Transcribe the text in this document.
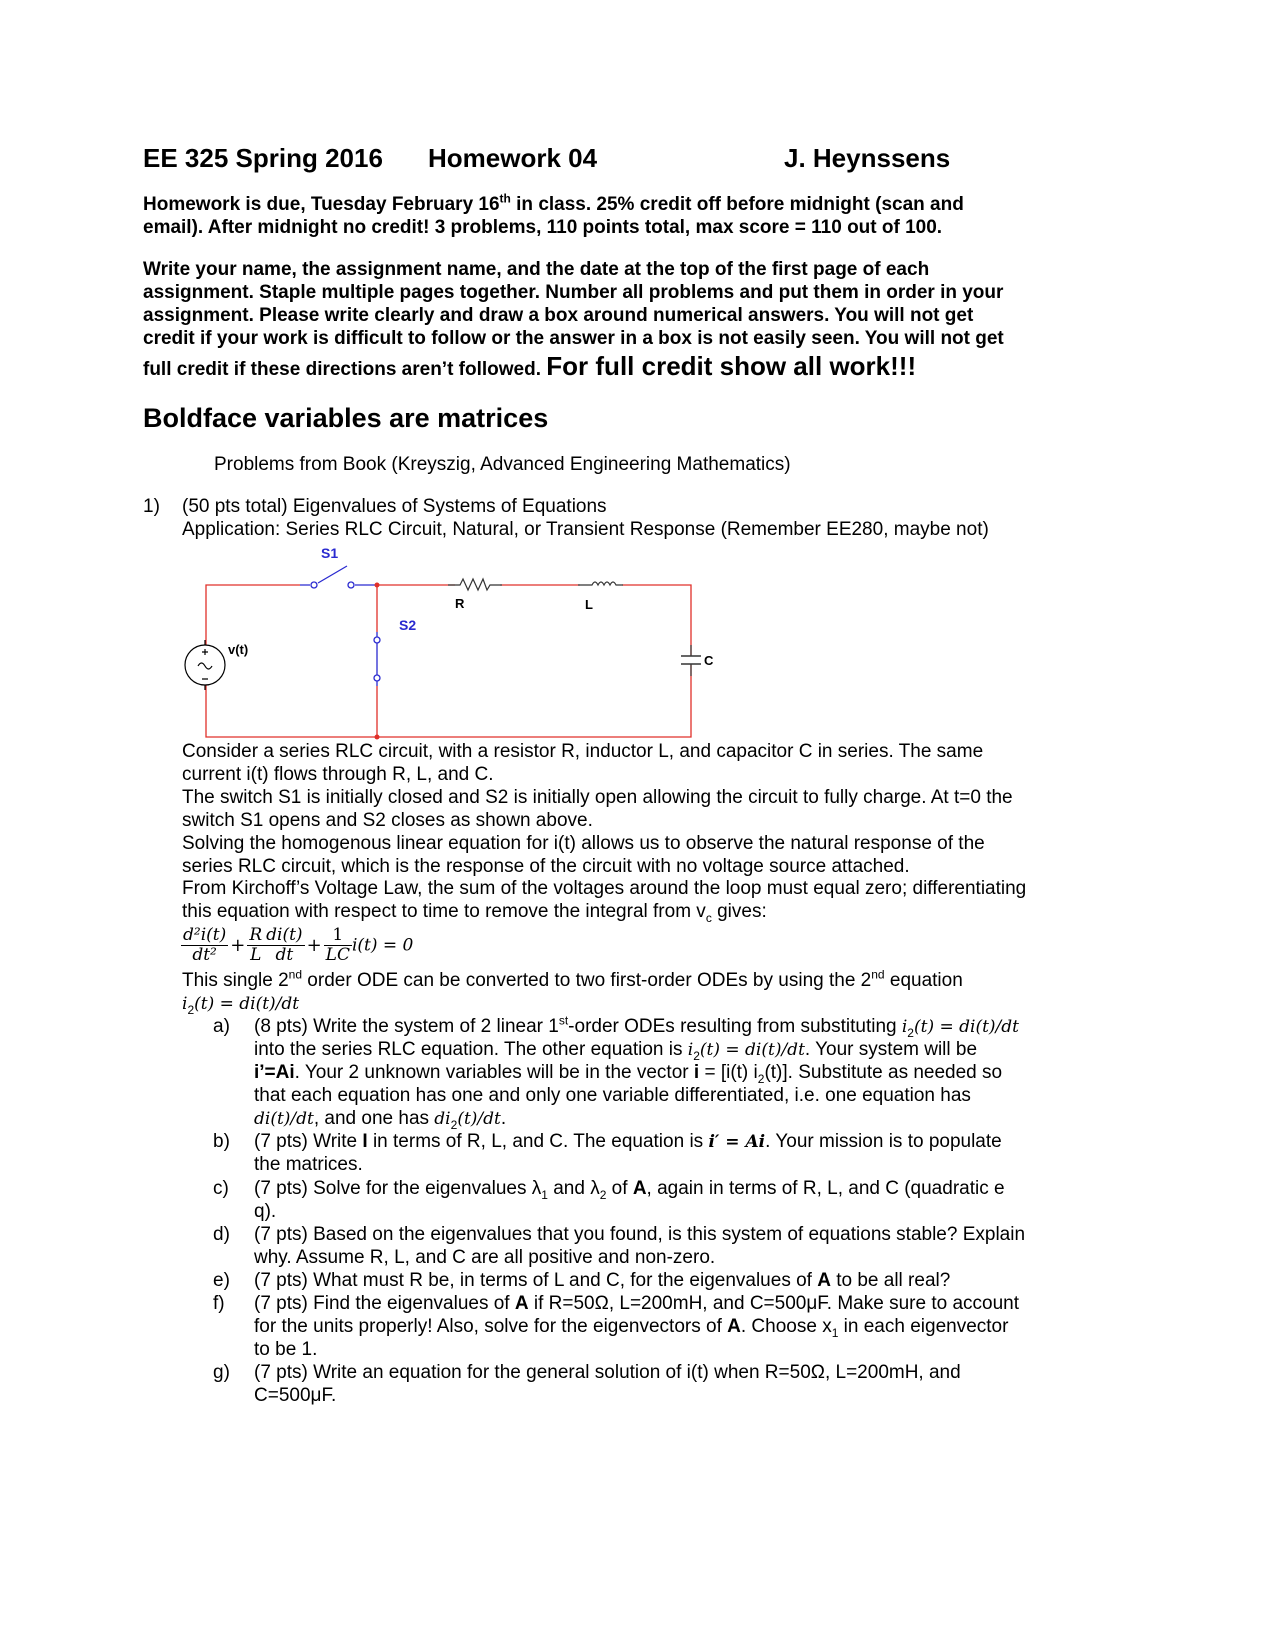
EE 325 Spring 2016 Homework 04	J. Heynssens
Homework is due, Tuesday February 16th in class. 25% credit off before midnight (scan and
email). After midnight no credit! 3 problems, 110 points total, max score = 110 out of 100.
Write your name, the assignment name, and the date at the top of the first page of each
assignment. Staple multiple pages together. Number all problems and put them in order in your
assignment. Please write clearly and draw a box around numerical answers. You will not get
credit if your work is difficult to follow or the answer in a box is not easily seen. You will not get
full credit if these directions aren’t followed. For full credit show all work!!!
Boldface variables are matrices
Problems from Book (Kreyszig, Advanced Engineering Mathematics)
1) (50 pts total) Eigenvalues of Systems of Equations
Application: Series RLC Circuit, Natural, or Transient Response (Remember EE280, maybe not)
S1
S2
R	L
C
v(t)
Consider a series RLC circuit, with a resistor R, inductor L, and capacitor C in series. The same
current i(t) flows through R, L, and C.
The switch S1 is initially closed and S2 is initially open allowing the circuit to fully charge. At t=0 the
switch S1 opens and S2 closes as shown above.
Solving the homogenous linear equation for i(t) allows us to observe the natural response of the
series RLC circuit, which is the response of the circuit with no voltage source attached.
From Kirchoff’s Voltage Law, the sum of the voltages around the loop must equal zero; differentiating
this equation with respect to time to remove the integral from $v_c$ gives:
$\frac{\text{d²i(t)}}{\text{dt²}} + \frac{R}{L} \frac{di(t)}{dt} + \frac{1}{LC} i(t) = 0$
This single 2nd order ODE can be converted to two first-order ODEs by using the 2nd equation
$i_2(t) = di(t)/dt$
a) (8 pts) Write the system of 2 linear 1st-order ODEs resulting from substituting $i_2(t) = di(t)/dt$
into the series RLC equation. The other equation is $i_2(t) = di(t)/dt$. Your system will be
i’=Ai. Your 2 unknown variables will be in the vector i = [i(t) $i_2(t)$]. Substitute as needed so
that each equation has one and only one variable differentiated, i.e. one equation has
di(t)/dt, and one has $di_2(t)/dt$.
b) (7 pts) Write I in terms of R, L, and C. The equation is i′ = Ai. Your mission is to populate
the matrices.
c) (7 pts) Solve for the eigenvalues $\lambda_1$ and $\lambda_2$ of A, again in terms of R, L, and C (quadratic e
q).
d) (7 pts) Based on the eigenvalues that you found, is this system of equations stable? Explain
why. Assume R, L, and C are all positive and non-zero.
e) (7 pts) What must R be, in terms of L and C, for the eigenvalues of A to be all real?
f) (7 pts) Find the eigenvalues of A if R=50Ω, L=200mH, and C=500μF. Make sure to account
for the units properly! Also, solve for the eigenvectors of A. Choose $x_1$ in each eigenvector
to be 1.
g) (7 pts) Write an equation for the general solution of i(t) when R=50Ω, L=200mH, and
C=500μF.
